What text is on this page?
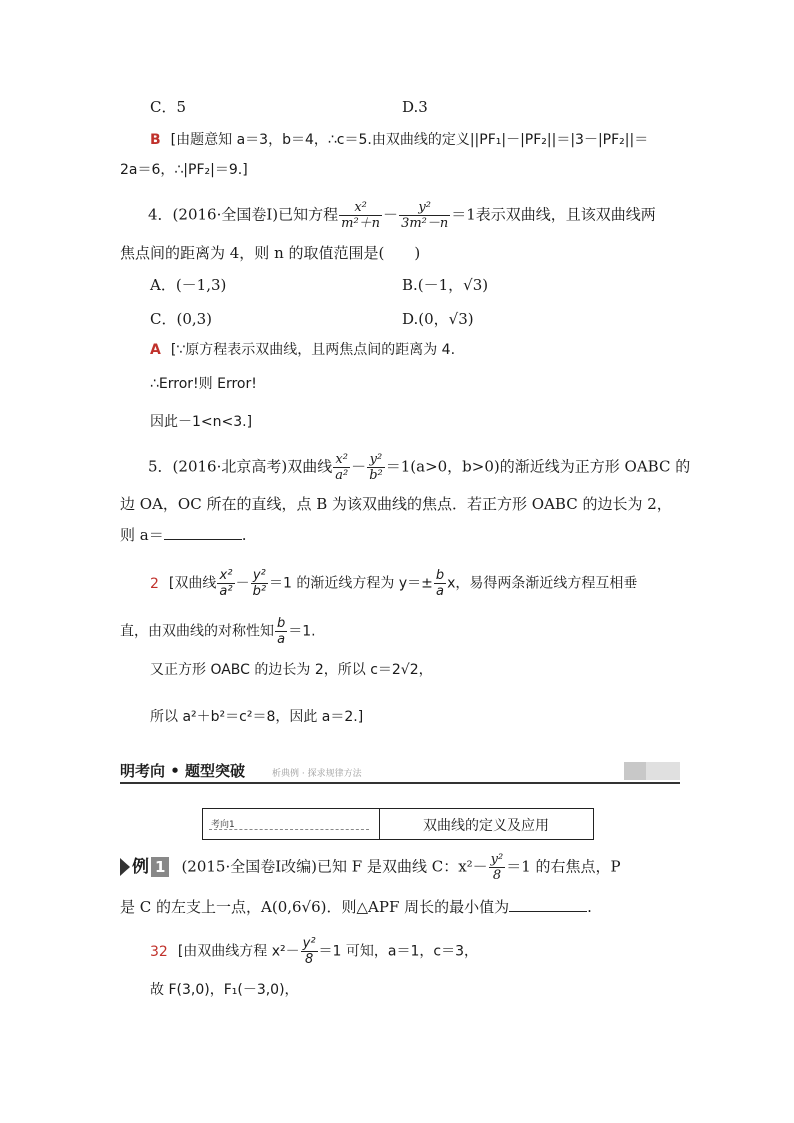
C．5	D.3
B [由题意知 a＝3，b＝4，∴c＝5.由双曲线的定义||PF₁|－|PF₂||＝|3－|PF₂||＝
2a＝6，∴|PF₂|＝9.]
4．(2016·全国卷Ⅰ)已知方程 $\frac{\text{x²}}{\text{m²＋n}} - \frac{\text{y²}}{\text{3m²－n}} =1$表示双曲线，且该双曲线两
焦点间的距离为 4，则 n 的取值范围是(　　)
A．(－1,3)	B.(－1，√3)
C．(0,3)	D.(0，√3)
A [∵原方程表示双曲线，且两焦点间的距离为 4.
∴Error!则 Error!
因此－1<n<3.]
5．(2016·北京高考)双曲线 $\frac{\text{x²}}{\text{a²}} - \frac{\text{y²}}{\text{b²}} =1(a>0$，b>0)的渐近线为正方形 OABC 的
边 OA，OC 所在的直线，点 B 为该双曲线的焦点．若正方形 OABC 的边长为 2，
则 a＝	.
2 [双曲线 $\frac{\text{x²}}{\text{a²}} - \frac{\text{y²}}{\text{b²}} =1$ 的渐近线方程为 $y=\pm \frac{b}{a}$ x，易得两条渐近线方程互相垂
直，由双曲线的对称性知 $\frac{b}{a} =1$.
又正方形 OABC 的边长为 2，所以 c＝2√2，
所以 a²＋b²＝c²＝8，因此 a＝2.]
明考向 • 题型突破	析典例 · 探求规律方法
考向1	双曲线的定义及应用
例 1 (2015·全国卷Ⅰ改编)已知 F 是双曲线 C：$x^2- \frac{\text{y²}}{8} =1$ 的右焦点，P
是 C 的左支上一点，A(0,6√6)．则△APF 周长的最小值为	.
32 [由双曲线方程 $x^2- \frac{\text{y²}}{8} =1$ 可知，a＝1，c＝3，
故 F(3,0)，F₁(－3,0)，
